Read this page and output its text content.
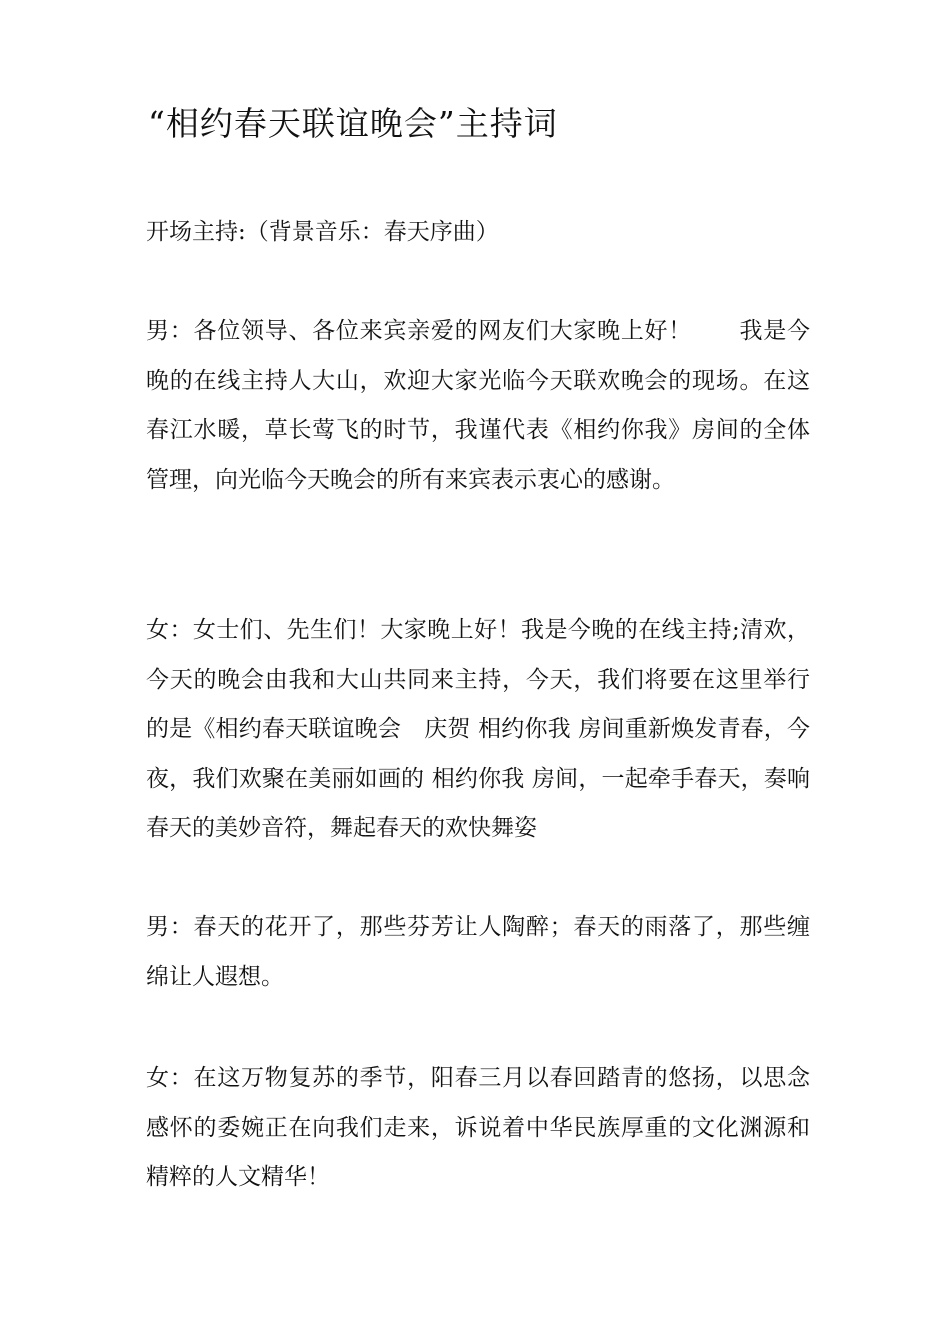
“相约春天联谊晚会”主持词
开场主持:（背景音乐：春天序曲）
男：各位领导、各位来宾亲爱的网友们大家晚上好！　　我是今晚的在线主持人大山，欢迎大家光临今天联欢晚会的现场。在这春江水暖，草长莺飞的时节，我谨代表《相约你我》房间的全体管理，向光临今天晚会的所有来宾表示衷心的感谢。
女：女士们、先生们！大家晚上好！我是今晚的在线主持;清欢，今天的晚会由我和大山共同来主持，今天，我们将要在这里举行的是《相约春天联谊晚会　庆贺 相约你我 房间重新焕发青春，今夜，我们欢聚在美丽如画的 相约你我 房间，一起牵手春天，奏响春天的美妙音符，舞起春天的欢快舞姿
男：春天的花开了，那些芬芳让人陶醉；春天的雨落了，那些缠绵让人遐想。
女：在这万物复苏的季节，阳春三月以春回踏青的悠扬，以思念感怀的委婉正在向我们走来，诉说着中华民族厚重的文化渊源和精粹的人文精华！
